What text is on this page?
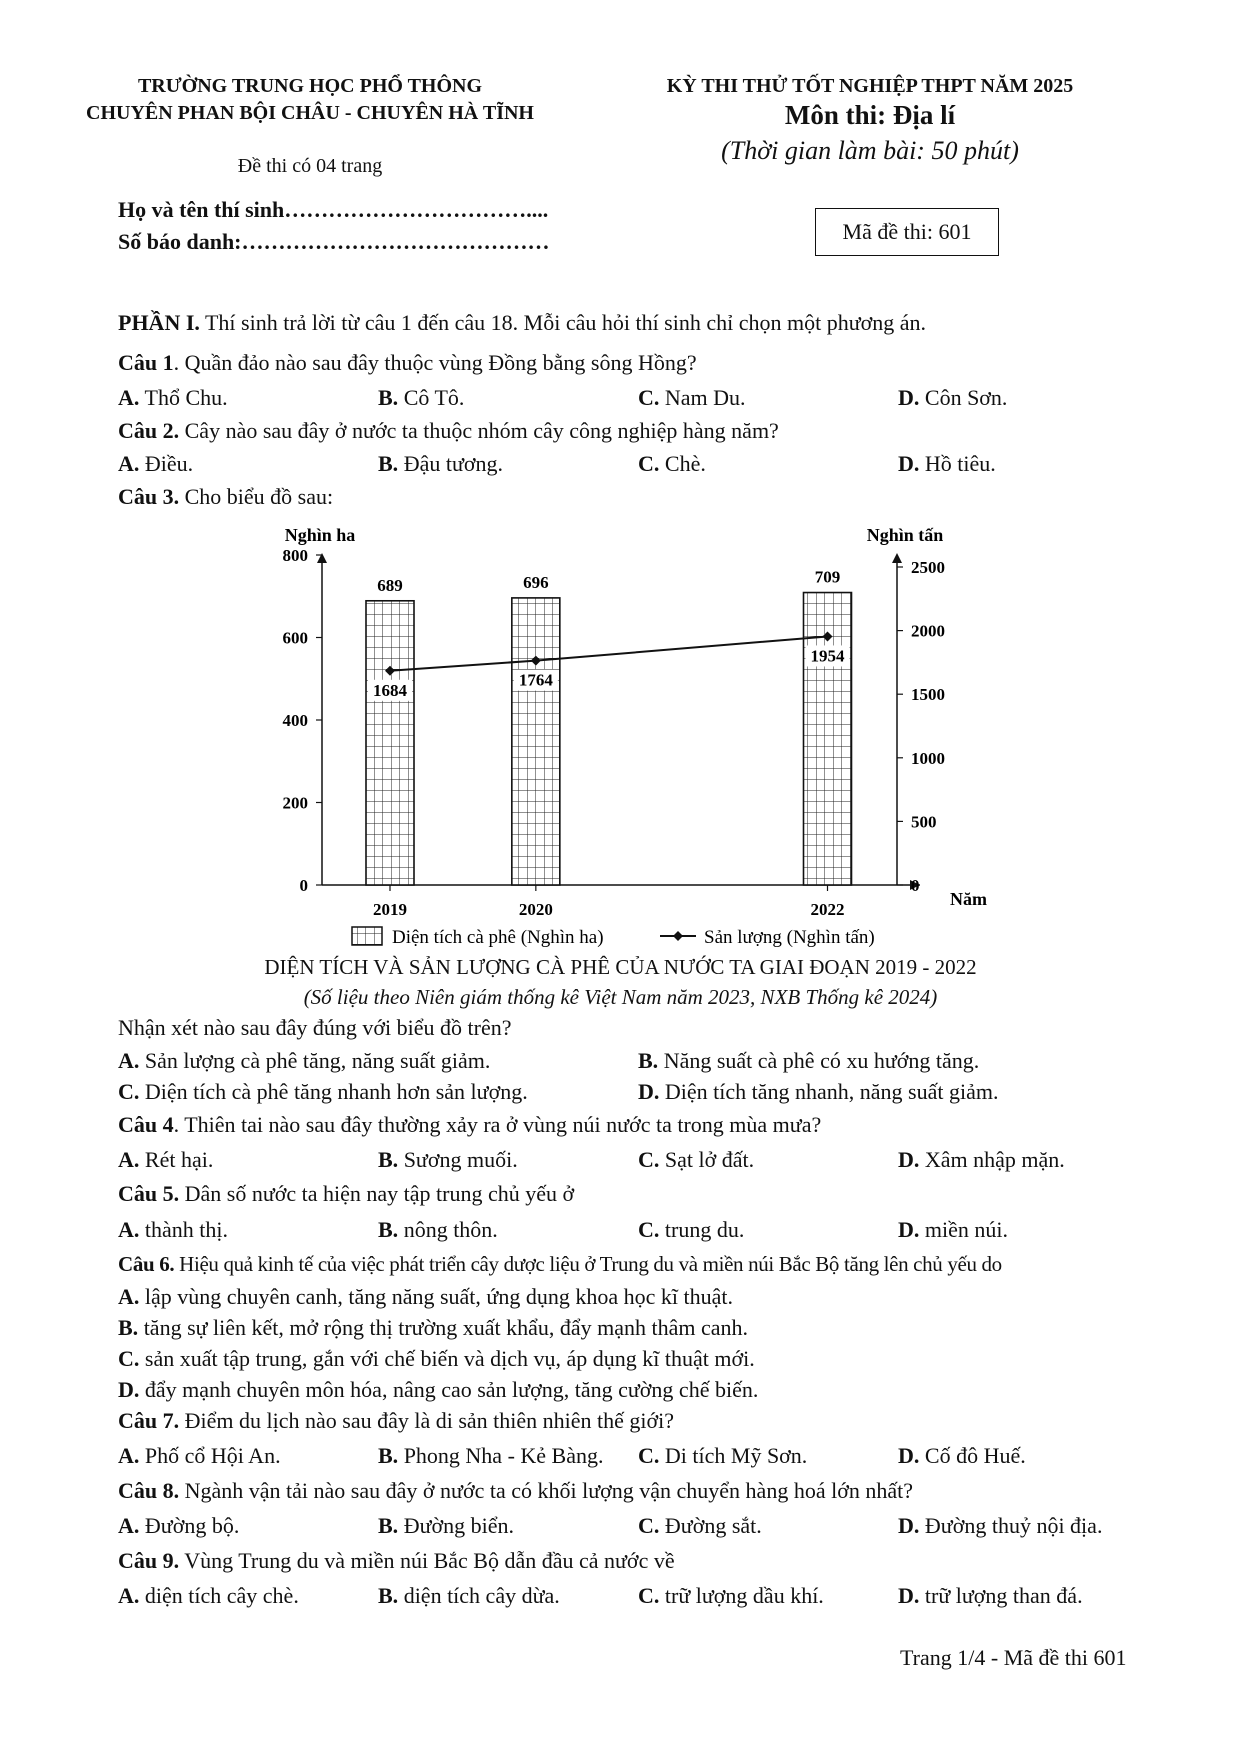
TRƯỜNG TRUNG HỌC PHỔ THÔNG
CHUYÊN PHAN BỘI CHÂU - CHUYÊN HÀ TĨNH
Đề thi có 04 trang
KỲ THI THỬ TỐT NGHIỆP THPT NĂM 2025
Môn thi: Địa lí
(Thời gian làm bài: 50 phút)
Họ và tên thí sinh……………………………....
Số báo danh:……………………………………	Mã đề thi: 601
PHẦN I. Thí sinh trả lời từ câu 1 đến câu 18. Mỗi câu hỏi thí sinh chỉ chọn một phương án.
Câu 1. Quần đảo nào sau đây thuộc vùng Đồng bằng sông Hồng?
A. Thổ Chu.	B. Cô Tô.	C. Nam Du.	D. Côn Sơn.
Câu 2. Cây nào sau đây ở nước ta thuộc nhóm cây công nghiệp hàng năm?
A. Điều.	B. Đậu tương.	C. Chè.	D. Hồ tiêu.
Câu 3. Cho biểu đồ sau:
0
200
400
600
800
0
500
1000
1500
2000
2500
Nghìn ha	Nghìn tấn
Năm
689
2019
696
2020
709
2022
1684
1764
1954
Diện tích cà phê (Nghìn ha)	Sản lượng (Nghìn tấn)
DIỆN TÍCH VÀ SẢN LƯỢNG CÀ PHÊ CỦA NƯỚC TA GIAI ĐOẠN 2019 - 2022
(Số liệu theo Niên giám thống kê Việt Nam năm 2023, NXB Thống kê 2024)
Nhận xét nào sau đây đúng với biểu đồ trên?
A. Sản lượng cà phê tăng, năng suất giảm.	B. Năng suất cà phê có xu hướng tăng.
C. Diện tích cà phê tăng nhanh hơn sản lượng.	D. Diện tích tăng nhanh, năng suất giảm.
Câu 4. Thiên tai nào sau đây thường xảy ra ở vùng núi nước ta trong mùa mưa?
A. Rét hại.	B. Sương muối.	C. Sạt lở đất.	D. Xâm nhập mặn.
Câu 5. Dân số nước ta hiện nay tập trung chủ yếu ở
A. thành thị.	B. nông thôn.	C. trung du.	D. miền núi.
Câu 6. Hiệu quả kinh tế của việc phát triển cây dược liệu ở Trung du và miền núi Bắc Bộ tăng lên chủ yếu do
A. lập vùng chuyên canh, tăng năng suất, ứng dụng khoa học kĩ thuật.
B. tăng sự liên kết, mở rộng thị trường xuất khẩu, đẩy mạnh thâm canh.
C. sản xuất tập trung, gắn với chế biến và dịch vụ, áp dụng kĩ thuật mới.
D. đẩy mạnh chuyên môn hóa, nâng cao sản lượng, tăng cường chế biến.
Câu 7. Điểm du lịch nào sau đây là di sản thiên nhiên thế giới?
A. Phố cổ Hội An.	B. Phong Nha - Kẻ Bàng. C. Di tích Mỹ Sơn.	D. Cố đô Huế.
Câu 8. Ngành vận tải nào sau đây ở nước ta có khối lượng vận chuyển hàng hoá lớn nhất?
A. Đường bộ.	B. Đường biển.	C. Đường sắt.	D. Đường thuỷ nội địa.
Câu 9. Vùng Trung du và miền núi Bắc Bộ dẫn đầu cả nước về
A. diện tích cây chè.	B. diện tích cây dừa.	C. trữ lượng dầu khí.	D. trữ lượng than đá.
Trang 1/4 - Mã đề thi 601
